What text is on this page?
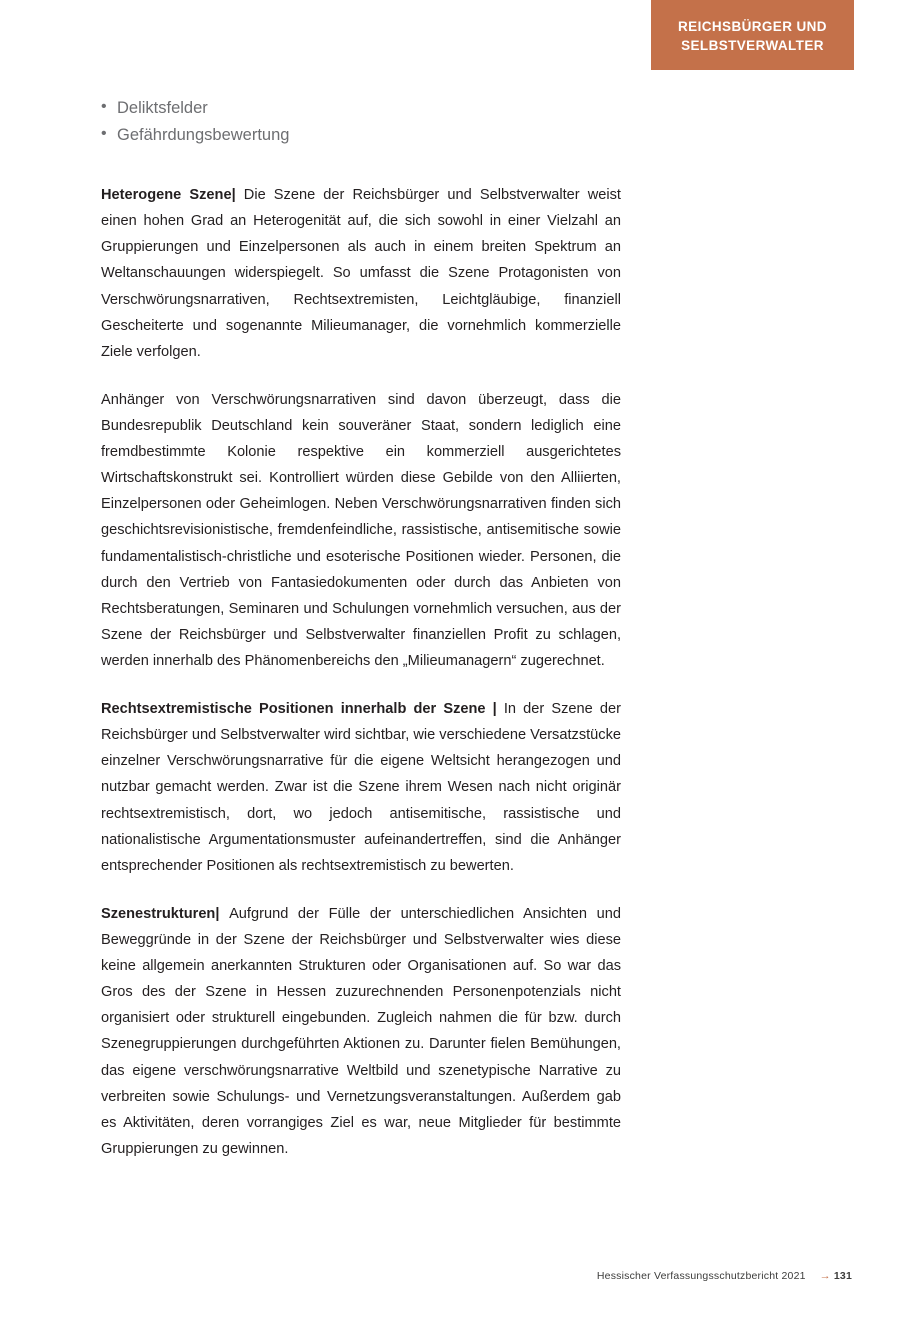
REICHSBÜRGER UND
SELBSTVERWALTER
• Deliktsfelder
• Gefährdungsbewertung

Heterogene Szene| Die Szene der Reichsbürger und Selbstverwalter weist einen hohen Grad an Heterogenität auf, die sich sowohl in einer Vielzahl an Gruppierungen und Einzelpersonen als auch in einem breiten Spektrum an Weltanschauungen widerspiegelt. So umfasst die Szene Protagonisten von Verschwörungsnarrativen, Rechtsextremisten, Leichtgläubige, finanziell Gescheiterte und sogenannte Milieumanager, die vornehmlich kommerzielle Ziele verfolgen.

Anhänger von Verschwörungsnarrativen sind davon überzeugt, dass die Bundesrepublik Deutschland kein souveräner Staat, sondern lediglich eine fremdbestimmte Kolonie respektive ein kommerziell ausgerichtetes Wirtschaftskonstrukt sei. Kontrolliert würden diese Gebilde von den Alliierten, Einzelpersonen oder Geheimlogen. Neben Verschwörungsnarrativen finden sich geschichtsrevisionistische, fremdenfeindliche, rassistische, antisemitische sowie fundamentalistisch-christliche und esoterische Positionen wieder. Personen, die durch den Vertrieb von Fantasiedokumenten oder durch das Anbieten von Rechtsberatungen, Seminaren und Schulungen vornehmlich versuchen, aus der Szene der Reichsbürger und Selbstverwalter finanziellen Profit zu schlagen, werden innerhalb des Phänomenbereichs den „Milieumanagern“ zugerechnet.

Rechtsextremistische Positionen innerhalb der Szene | In der Szene der Reichsbürger und Selbstverwalter wird sichtbar, wie verschiedene Versatzstücke einzelner Verschwörungsnarrative für die eigene Weltsicht herangezogen und nutzbar gemacht werden. Zwar ist die Szene ihrem Wesen nach nicht originär rechtsextremistisch, dort, wo jedoch antisemitische, rassistische und nationalistische Argumentationsmuster aufeinandertreffen, sind die Anhänger entsprechender Positionen als rechtsextremistisch zu bewerten.

Szenestrukturen| Aufgrund der Fülle der unterschiedlichen Ansichten und Beweggründe in der Szene der Reichsbürger und Selbstverwalter wies diese keine allgemein anerkannten Strukturen oder Organisationen auf. So war das Gros des der Szene in Hessen zuzurechnenden Personenpotenzials nicht organisiert oder strukturell eingebunden. Zugleich nahmen die für bzw. durch Szenegruppierungen durchgeführten Aktionen zu. Darunter fielen Bemühungen, das eigene verschwörungsnarrative Weltbild und szenetypische Narrative zu verbreiten sowie Schulungs- und Vernetzungsveranstaltungen. Außerdem gab es Aktivitäten, deren vorrangiges Ziel es war, neue Mitglieder für bestimmte Gruppierungen zu gewinnen.

Hessischer Verfassungsschutzbericht 2021 → 131
